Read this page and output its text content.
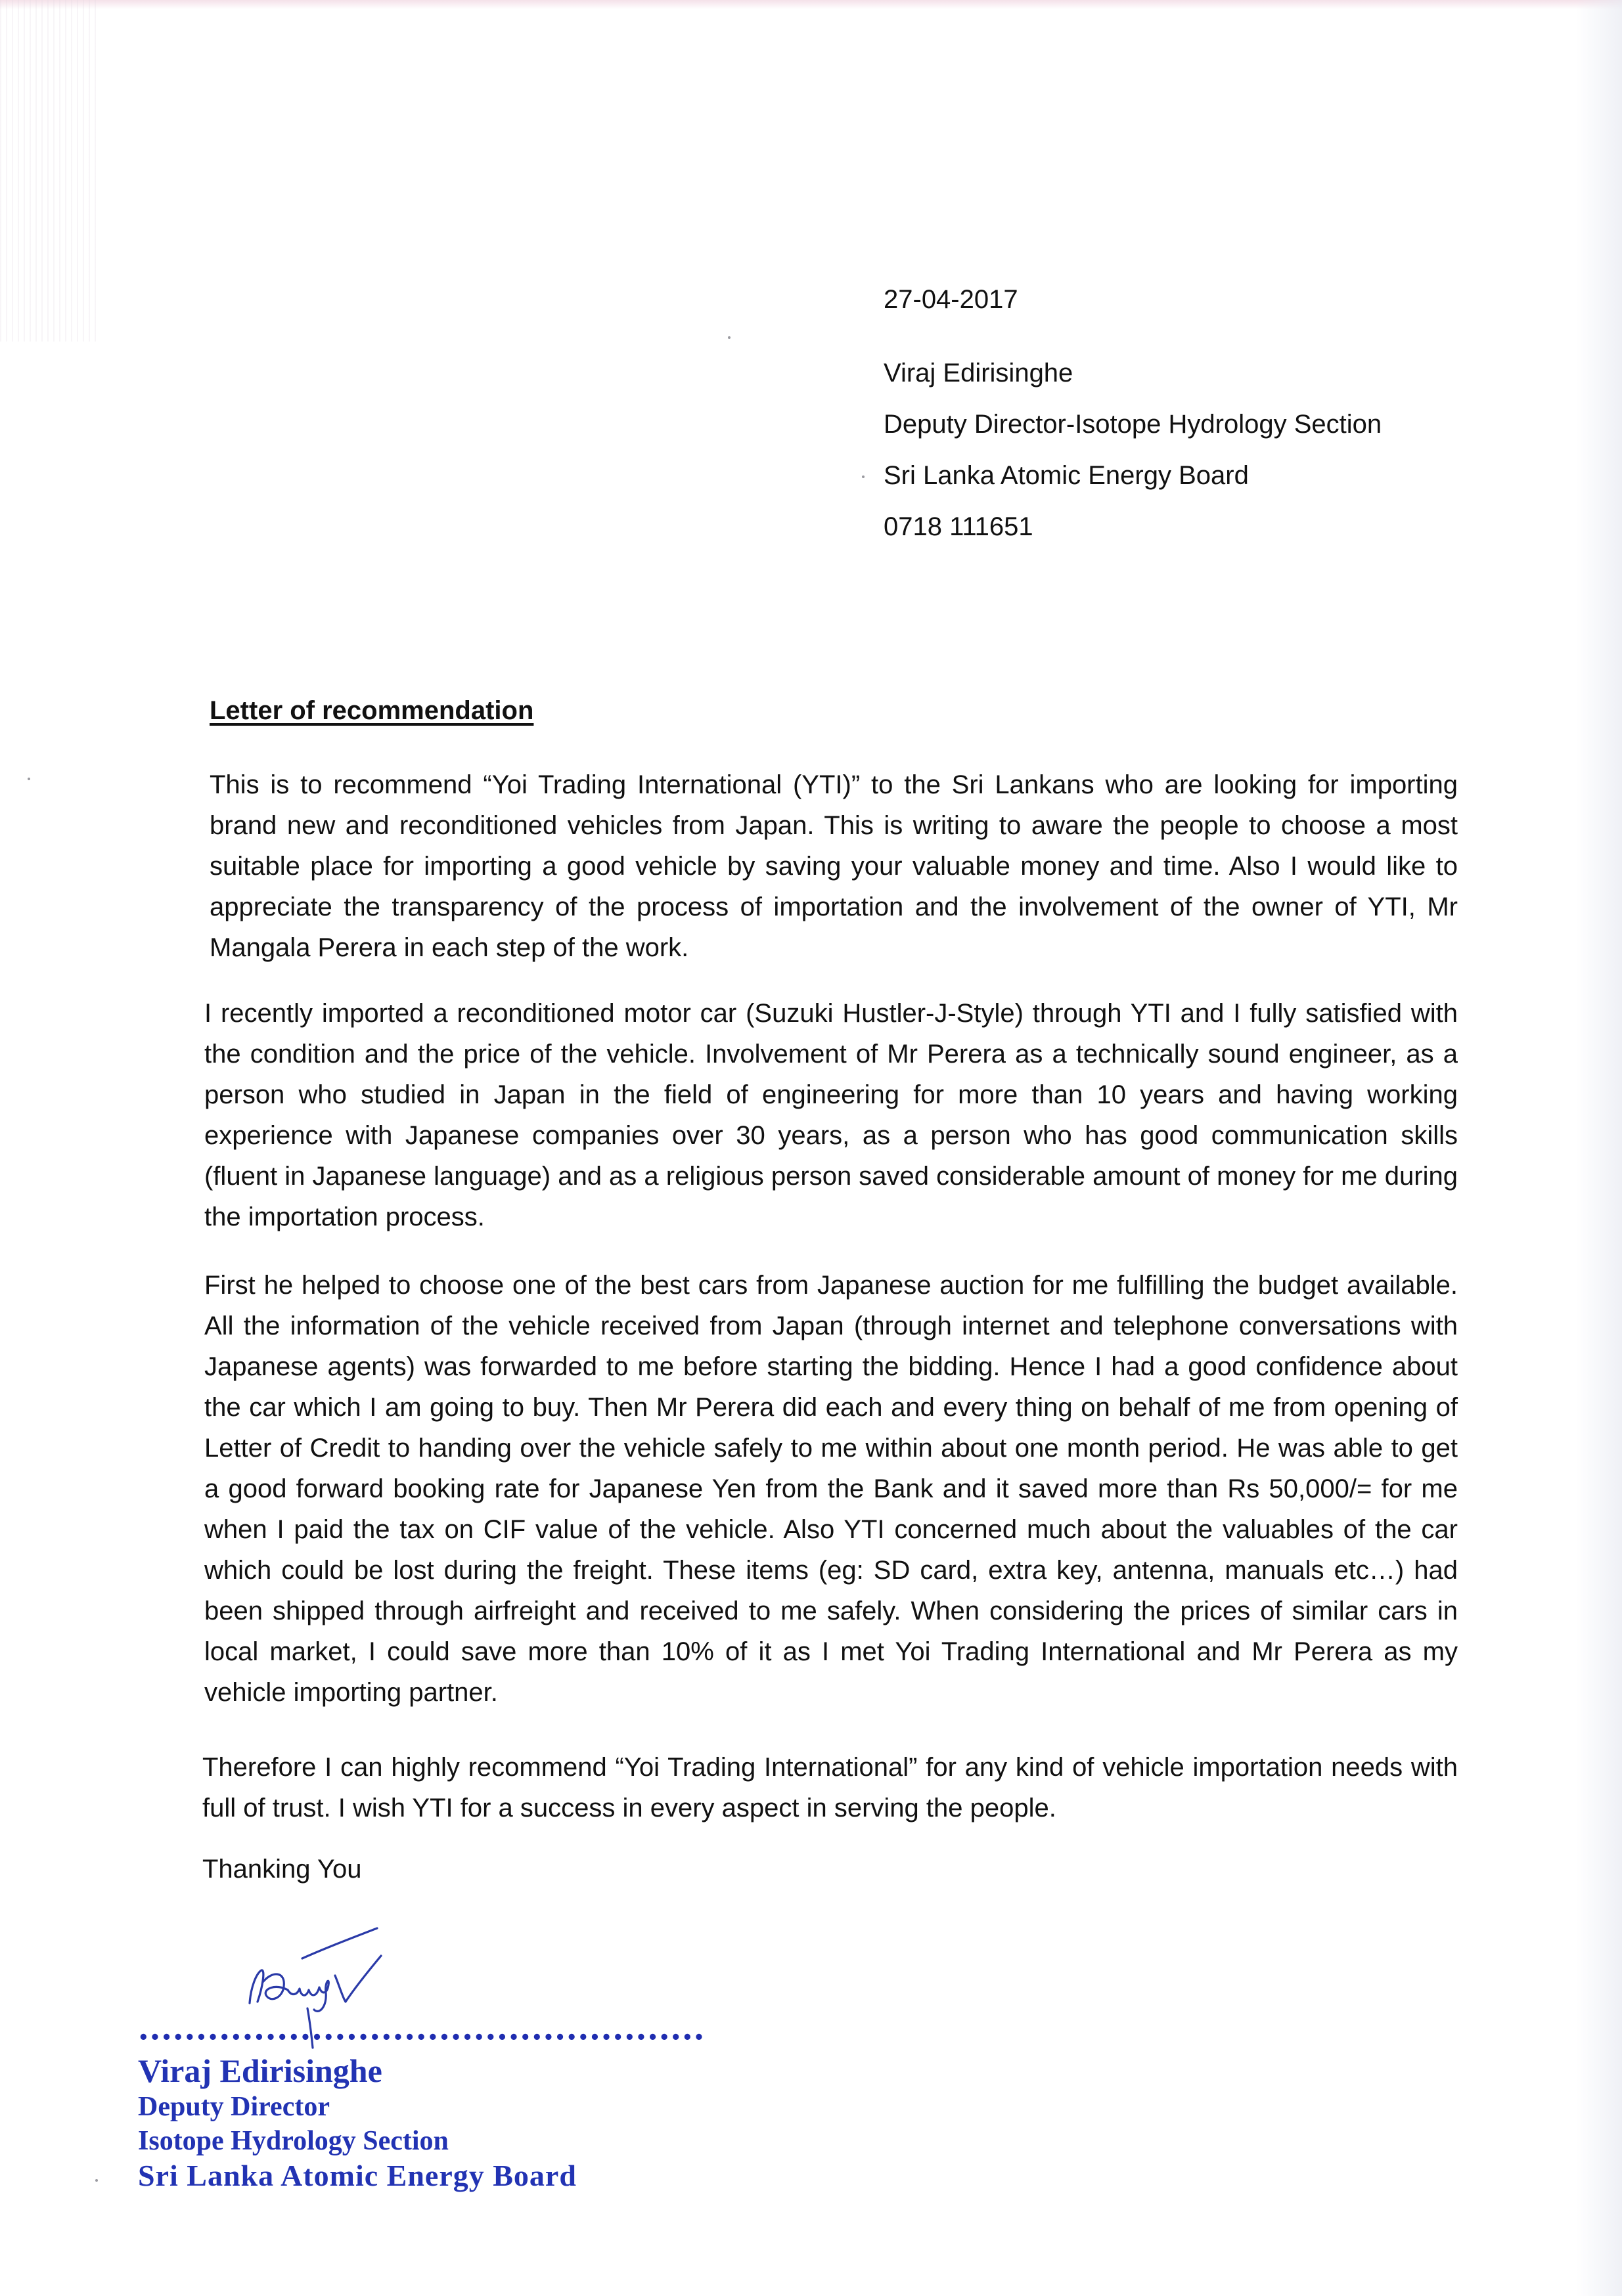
27-04-2017
Viraj Edirisinghe
Deputy Director-Isotope Hydrology Section
Sri Lanka Atomic Energy Board
0718 111651
Letter of recommendation

This is to recommend “Yoi Trading International (YTI)” to the Sri Lankans who are looking for importing brand new and reconditioned vehicles from Japan. This is writing to aware the people to choose a most suitable place for importing a good vehicle by saving your valuable money and time. Also I would like to appreciate the transparency of the process of importation and the involvement of the owner of YTI, Mr Mangala Perera in each step of the work.

I recently imported a reconditioned motor car (Suzuki Hustler-J-Style) through YTI and I fully satisfied with the condition and the price of the vehicle. Involvement of Mr Perera as a technically sound engineer, as a person who studied in Japan in the field of engineering for more than 10 years and having working experience with Japanese companies over 30 years, as a person who has good communication skills (fluent in Japanese language) and as a religious person saved considerable amount of money for me during the importation process.

First he helped to choose one of the best cars from Japanese auction for me fulfilling the budget available. All the information of the vehicle received from Japan (through internet and telephone conversations with Japanese agents) was forwarded to me before starting the bidding. Hence I had a good confidence about the car which I am going to buy. Then Mr Perera did each and every thing on behalf of me from opening of Letter of Credit to handing over the vehicle safely to me within about one month period. He was able to get a good forward booking rate for Japanese Yen from the Bank and it saved more than Rs 50,000/= for me when I paid the tax on CIF value of the vehicle. Also YTI concerned much about the valuables of the car which could be lost during the freight. These items (eg: SD card, extra key, antenna, manuals etc…) had been shipped through airfreight and received to me safely. When considering the prices of similar cars in local market, I could save more than 10% of it as I met Yoi Trading International and Mr Perera as my vehicle importing partner.

Therefore I can highly recommend “Yoi Trading International” for any kind of vehicle importation needs with full of trust. I wish YTI for a success in every aspect in serving the people.

Thanking You
•••••••••••••••••••••••••••••••••••••••••••••••••
Viraj Edirisinghe
Deputy Director
Isotope Hydrology Section
Sri Lanka Atomic Energy Board
